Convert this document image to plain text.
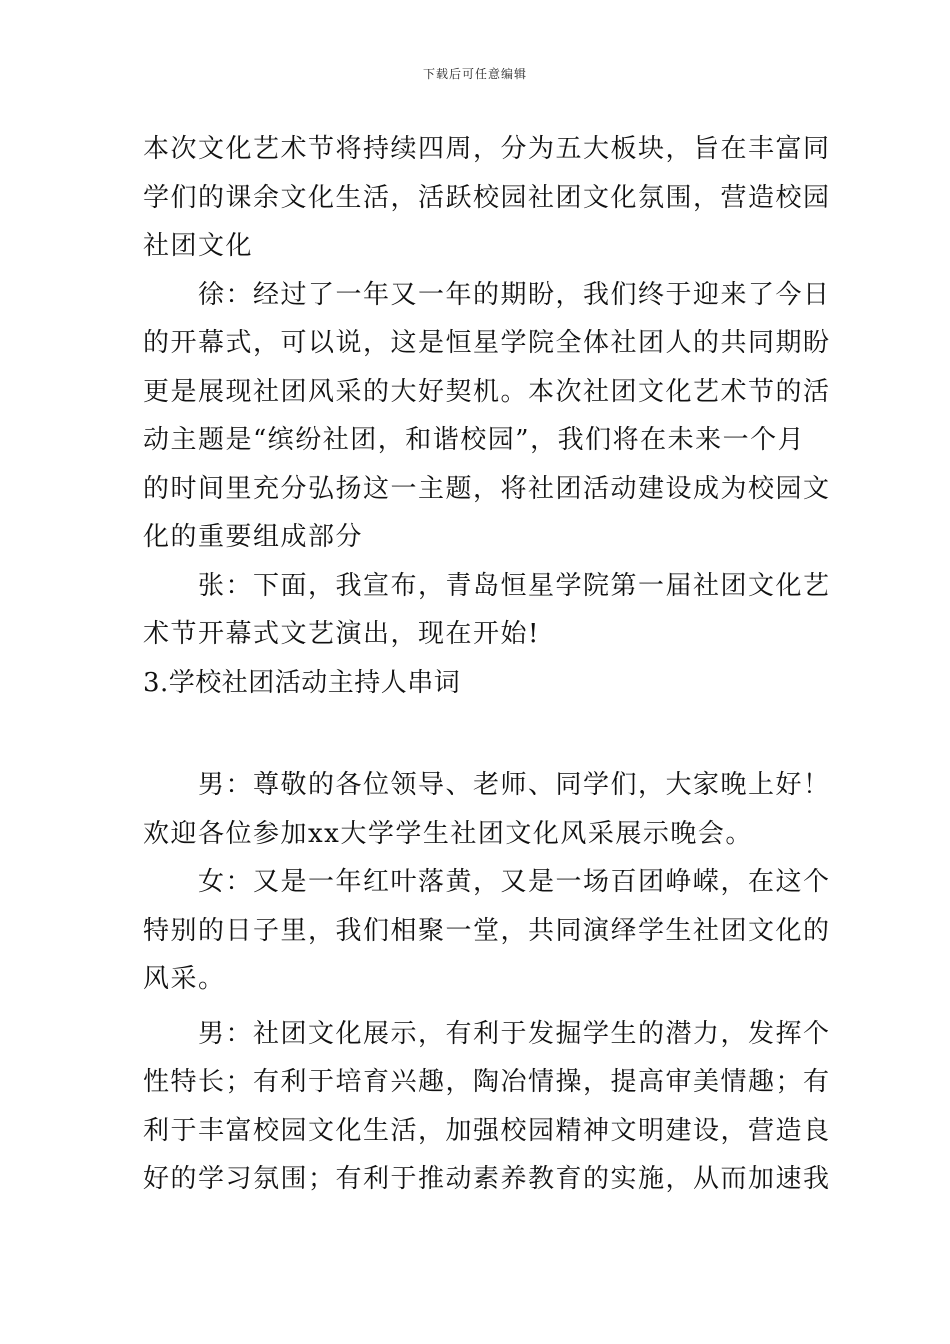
下载后可任意编辑
本次文化艺术节将持续四周，分为五大板块，旨在丰富同
学们的课余文化生活，活跃校园社团文化氛围，营造校园
社团文化
徐：经过了一年又一年的期盼，我们终于迎来了今日
的开幕式，可以说，这是恒星学院全体社团人的共同期盼
更是展现社团风采的大好契机。本次社团文化艺术节的活
动主题是“缤纷社团，和谐校园”，我们将在未来一个月
的时间里充分弘扬这一主题，将社团活动建设成为校园文
化的重要组成部分
张：下面，我宣布，青岛恒星学院第一届社团文化艺
术节开幕式文艺演出，现在开始!
3.学校社团活动主持人串词
男：尊敬的各位领导、老师、同学们，大家晚上好！
欢迎各位参加xx大学学生社团文化风采展示晚会。
女：又是一年红叶落黄，又是一场百团峥嵘，在这个
特别的日子里，我们相聚一堂，共同演绎学生社团文化的
风采。
男：社团文化展示，有利于发掘学生的潜力，发挥个
性特长；有利于培育兴趣，陶冶情操，提高审美情趣；有
利于丰富校园文化生活，加强校园精神文明建设，营造良
好的学习氛围；有利于推动素养教育的实施，从而加速我
